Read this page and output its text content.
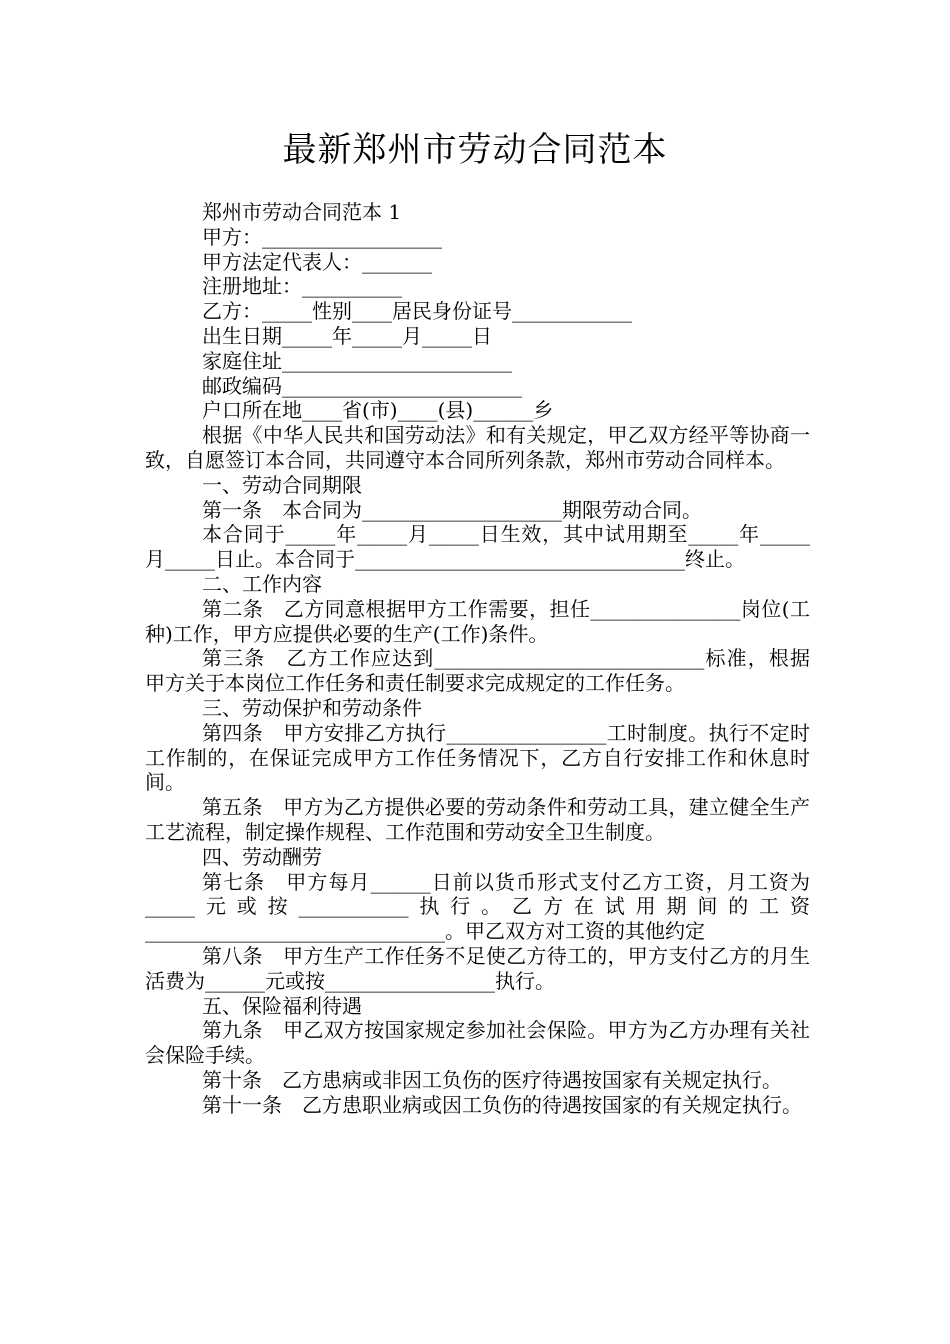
最新郑州市劳动合同范本

郑州市劳动合同范本 1

甲方：__________________

甲方法定代表人：_______

注册地址：__________

乙方：_____性别____居民身份证号____________

出生日期_____年_____月_____日

家庭住址_______________________

邮政编码________________________

户口所在地____省(市)____(县)______乡

根据《中华人民共和国劳动法》和有关规定，甲乙双方经平等协商一致，自愿签订本合同，共同遵守本合同所列条款，郑州市劳动合同样本。

一、劳动合同期限

第一条　本合同为____________________期限劳动合同。

本合同于_____年_____月_____日生效，其中试用期至_____年_____月_____日止。本合同于_________________________________终止。

二、工作内容

第二条　乙方同意根据甲方工作需要，担任_______________岗位(工种)工作，甲方应提供必要的生产(工作)条件。

第三条　乙方工作应达到___________________________标准，根据甲方关于本岗位工作任务和责任制要求完成规定的工作任务。

三、劳动保护和劳动条件

第四条　甲方安排乙方执行________________工时制度。执行不定时工作制的，在保证完成甲方工作任务情况下，乙方自行安排工作和休息时间。

第五条　甲方为乙方提供必要的劳动条件和劳动工具，建立健全生产工艺流程，制定操作规程、工作范围和劳动安全卫生制度。

四、劳动酬劳

第七条　甲方每月______日前以货币形式支付乙方工资，月工资为_____元或按___________执行。乙方在试用期间的工资______________________________。甲乙双方对工资的其他约定

第八条　甲方生产工作任务不足使乙方待工的，甲方支付乙方的月生活费为______元或按_________________执行。

五、保险福利待遇

第九条　甲乙双方按国家规定参加社会保险。甲方为乙方办理有关社会保险手续。

第十条　乙方患病或非因工负伤的医疗待遇按国家有关规定执行。

第十一条　乙方患职业病或因工负伤的待遇按国家的有关规定执行。
